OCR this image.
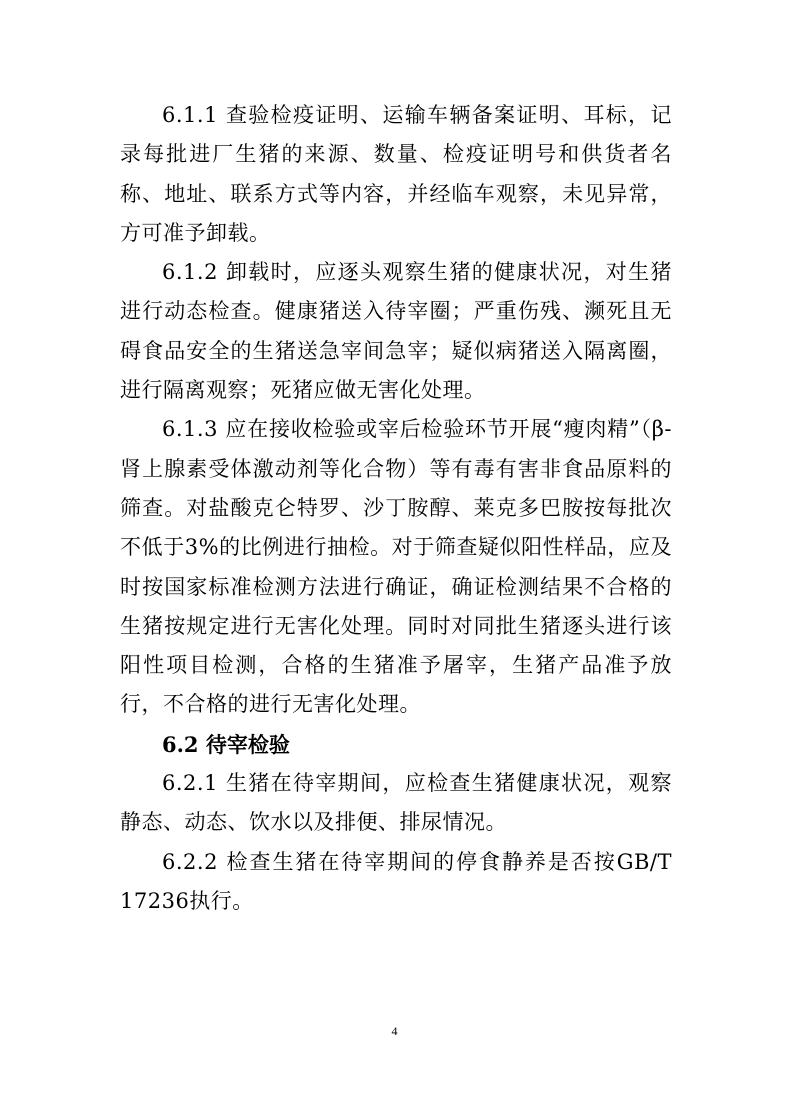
6.1.1 查验检疫证明、运输车辆备案证明、耳标，记录每批进厂生猪的来源、数量、检疫证明号和供货者名称、地址、联系方式等内容，并经临车观察，未见异常，方可准予卸载。

6.1.2 卸载时，应逐头观察生猪的健康状况，对生猪进行动态检查。健康猪送入待宰圈；严重伤残、濒死且无碍食品安全的生猪送急宰间急宰；疑似病猪送入隔离圈，进行隔离观察；死猪应做无害化处理。

6.1.3 应在接收检验或宰后检验环节开展“瘦肉精”（β-肾上腺素受体激动剂等化合物）等有毒有害非食品原料的筛查。对盐酸克仑特罗、沙丁胺醇、莱克多巴胺按每批次不低于3%的比例进行抽检。对于筛查疑似阳性样品，应及时按国家标准检测方法进行确证，确证检测结果不合格的生猪按规定进行无害化处理。同时对同批生猪逐头进行该阳性项目检测，合格的生猪准予屠宰，生猪产品准予放行，不合格的进行无害化处理。

6.2 待宰检验

6.2.1 生猪在待宰期间，应检查生猪健康状况，观察静态、动态、饮水以及排便、排尿情况。

6.2.2 检查生猪在待宰期间的停食静养是否按GB/T 17236执行。

4
